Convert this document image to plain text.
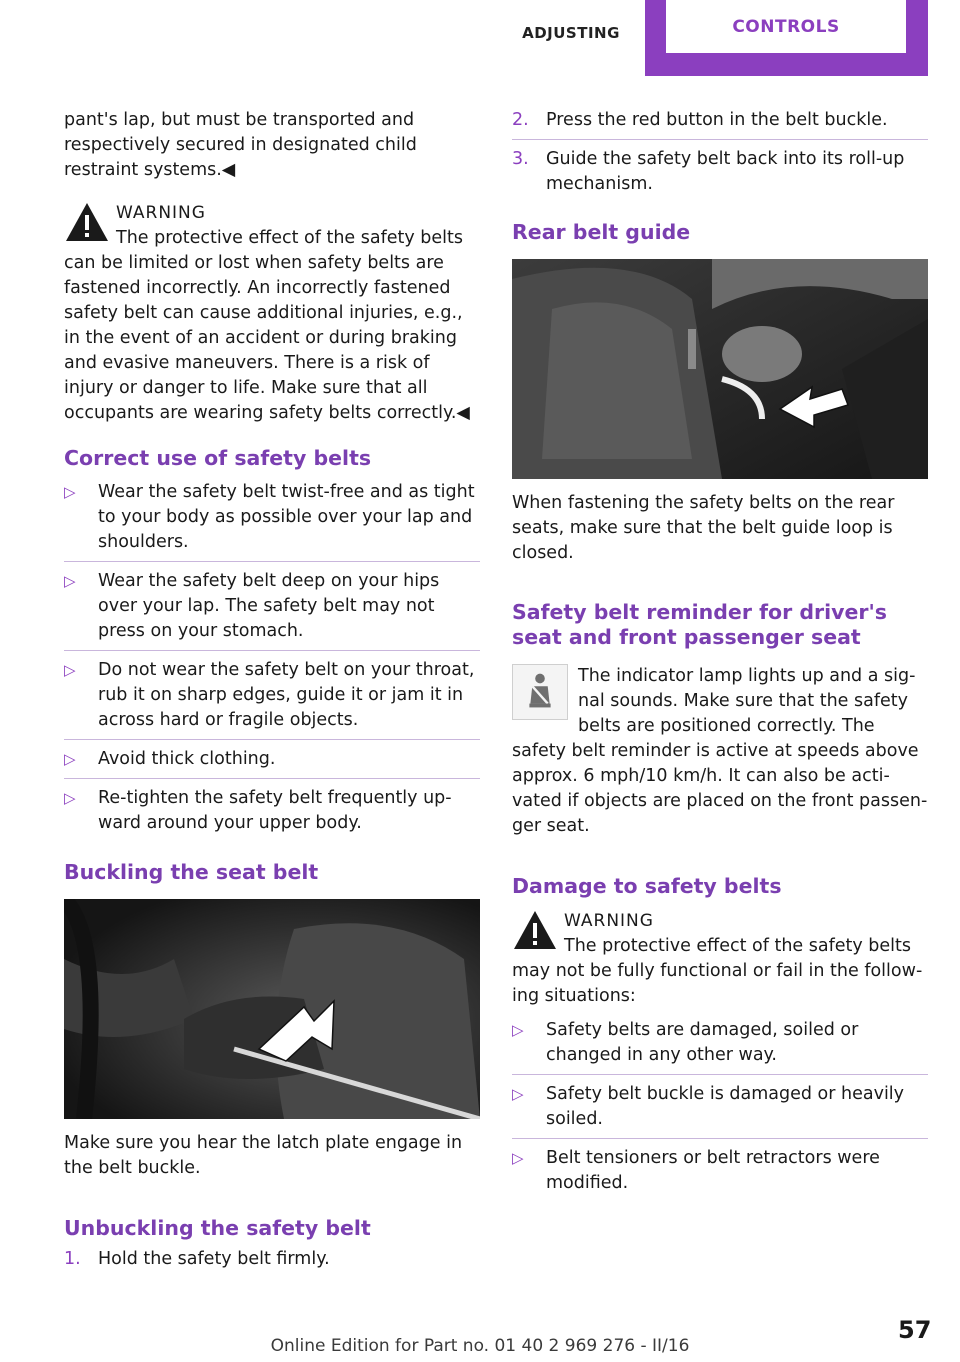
ADJUSTING	CONTROLS

pant's lap, but must be transported and respectively secured in designated child restraint systems.◀

WARNING

The protective effect of the safety belts

can be limited or lost when safety belts are fastened incorrectly. An incorrectly fastened safety belt can cause additional injuries, e.g., in the event of an accident or during braking and evasive maneuvers. There is a risk of injury or danger to life. Make sure that all occupants are wearing safety belts correctly.◀

Correct use of safety belts
▷ Wear the safety belt twist-free and as tight to your body as possible over your lap and shoulders.
▷ Wear the safety belt deep on your hips over your lap. The safety belt may not press on your stomach.
▷ Do not wear the safety belt on your throat, rub it on sharp edges, guide it or jam it in across hard or fragile objects.
▷ Avoid thick clothing.
▷ Re-tighten the safety belt frequently upward around your upper body.
Buckling the seat belt

Make sure you hear the latch plate engage in the belt buckle.

Unbuckling the safety belt
1. Hold the safety belt firmly.
2. Press the red button in the belt buckle.
3. Guide the safety belt back into its roll-up mechanism.
Rear belt guide

When fastening the safety belts on the rear seats, make sure that the belt guide loop is closed.

Safety belt reminder for driver's seat and front passenger seat

The indicator lamp lights up and a signal sounds. Make sure that the safety belts are positioned correctly. The

safety belt reminder is active at speeds above approx. 6 mph/10 km/h. It can also be activated if objects are placed on the front passenger seat.

Damage to safety belts
WARNING

The protective effect of the safety belts

may not be fully functional or fail in the following situations:

▷ Safety belts are damaged, soiled or changed in any other way.
▷ Safety belt buckle is damaged or heavily soiled.
▷ Belt tensioners or belt retractors were modified.
Online Edition for Part no. 01 40 2 969 276 - II/16
57
